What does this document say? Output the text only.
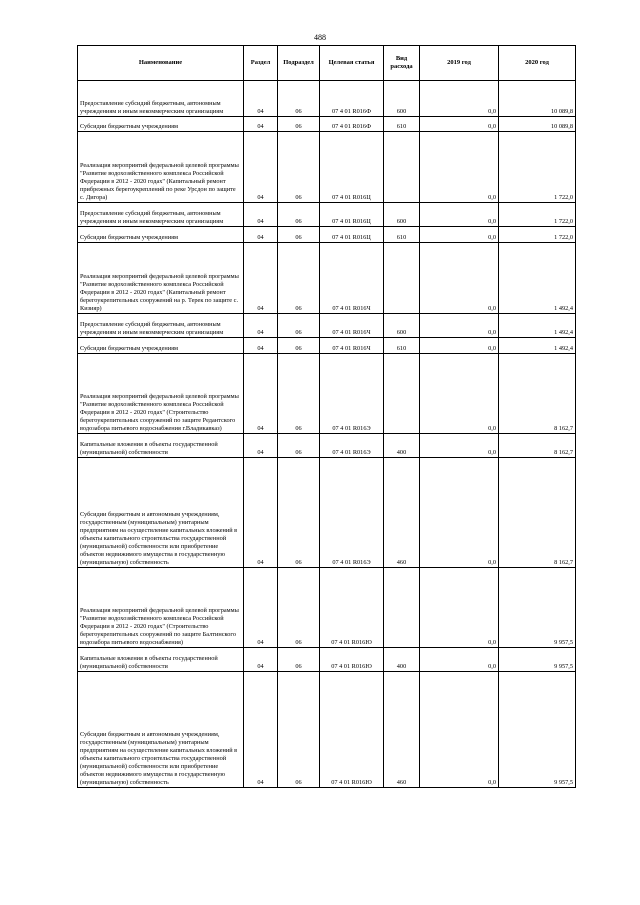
488
Наименование	Раздел	Подраздел	Целевая статья	Вид расхода	2019 год	2020 год
Предоставление субсидий бюджетным, автономным учреждениям и иным некоммерческим организациям	04	06	07 4 01 R016Ф	600	0,0	10 089,8
Субсидии бюджетным учреждениям	04	06	07 4 01 R016Ф	610	0,0	10 089,8
Реализация мероприятий федеральной целевой программы "Развитие водохозяйственного комплекса Российской Федерации в 2012 - 2020 годах" (Капитальный ремонт прибрежных берегоукреплений по реке Урсдон по защите с. Дигора)	04	06	07 4 01 R016Ц		0,0	1 722,0
Предоставление субсидий бюджетным, автономным учреждениям и иным некоммерческим организациям	04	06	07 4 01 R016Ц	600	0,0	1 722,0
Субсидии бюджетным учреждениям	04	06	07 4 01 R016Ц	610	0,0	1 722,0
Реализация мероприятий федеральной целевой программы "Развитие водохозяйственного комплекса Российской Федерации в 2012 - 2020 годах" (Капитальный ремонт берегоукрепительных сооружений на р. Терек по защите с. Кизияр)	04	06	07 4 01 R016Ч		0,0	1 492,4
Предоставление субсидий бюджетным, автономным учреждениям и иным некоммерческим организациям	04	06	07 4 01 R016Ч	600	0,0	1 492,4
Субсидии бюджетным учреждениям	04	06	07 4 01 R016Ч	610	0,0	1 492,4
Реализация мероприятий федеральной целевой программы "Развитие водохозяйственного комплекса Российской Федерации в 2012 - 2020 годах" (Строительство берегоукрепительных сооружений по защите Редантского водозабора питьевого водоснабжения г.Владикавказ)	04	06	07 4 01 R016Э		0,0	8 162,7
Капитальные вложения в объекты государственной (муниципальной) собственности	04	06	07 4 01 R016Э	400	0,0	8 162,7
Субсидии бюджетным и автономным учреждениям, государственным (муниципальным) унитарным предприятиям на осуществление капитальных вложений в объекты капитального строительства государственной (муниципальной) собственности или приобретение объектов недвижимого имущества в государственную (муниципальную) собственность	04	06	07 4 01 R016Э	460	0,0	8 162,7
Реализация мероприятий федеральной целевой программы "Развитие водохозяйственного комплекса Российской Федерации в 2012 - 2020 годах" (Строительство берегоукрепительных сооружений по защите Балтинского водозабора питьевого водоснабжения)	04	06	07 4 01 R016Ю		0,0	9 957,5
Капитальные вложения в объекты государственной (муниципальной) собственности	04	06	07 4 01 R016Ю	400	0,0	9 957,5
Субсидии бюджетным и автономным учреждениям, государственным (муниципальным) унитарным предприятиям на осуществление капитальных вложений в объекты капитального строительства государственной (муниципальной) собственности или приобретение объектов недвижимого имущества в государственную (муниципальную) собственность	04	06	07 4 01 R016Ю	460	0,0	9 957,5
